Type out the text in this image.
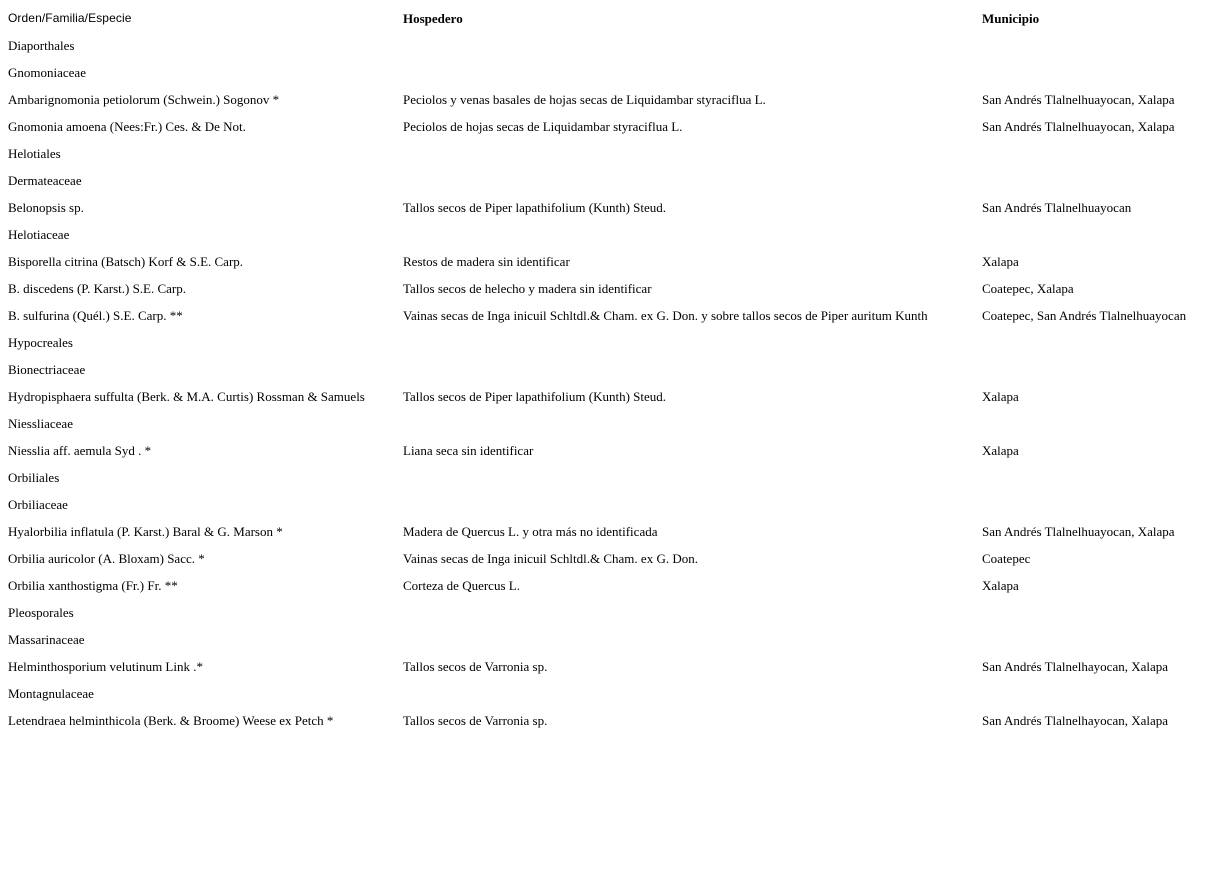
Orden/Familia/Especie	Hospedero	Municipio
Diaporthales		
Gnomoniaceae		
Ambarignomonia petiolorum (Schwein.) Sogonov *	Peciolos y venas basales de hojas secas de Liquidambar styraciflua L.	San Andrés Tlalnelhuayocan, Xalapa
Gnomonia amoena (Nees:Fr.) Ces. & De Not.	Peciolos de hojas secas de Liquidambar styraciflua L.	San Andrés Tlalnelhuayocan, Xalapa
Helotiales		
Dermateaceae		
Belonopsis sp.	Tallos secos de Piper lapathifolium (Kunth) Steud.	San Andrés Tlalnelhuayocan
Helotiaceae		
Bisporella citrina (Batsch) Korf & S.E. Carp.	Restos de madera sin identificar	Xalapa
B. discedens (P. Karst.) S.E. Carp.	Tallos secos de helecho y madera sin identificar	Coatepec, Xalapa
B. sulfurina (Quél.) S.E. Carp. **	Vainas secas de Inga inicuil Schltdl.& Cham. ex G. Don. y sobre tallos secos de Piper auritum Kunth	Coatepec, San Andrés Tlalnelhuayocan
Hypocreales		
Bionectriaceae		
Hydropisphaera suffulta (Berk. & M.A. Curtis) Rossman & Samuels	Tallos secos de Piper lapathifolium (Kunth) Steud.	Xalapa
Niessliaceae		
Niesslia aff. aemula Syd . *	Liana seca sin identificar	Xalapa
Orbiliales		
Orbiliaceae		
Hyalorbilia inflatula (P. Karst.) Baral & G. Marson *	Madera de Quercus L. y otra más no identificada	San Andrés Tlalnelhuayocan, Xalapa
Orbilia auricolor (A. Bloxam) Sacc. *	Vainas secas de Inga inicuil Schltdl.& Cham. ex G. Don.	Coatepec
Orbilia xanthostigma (Fr.) Fr. **	Corteza de Quercus L.	Xalapa
Pleosporales		
Massarinaceae		
Helminthosporium velutinum Link .*	Tallos secos de Varronia sp.	San Andrés Tlalnelhayocan, Xalapa
Montagnulaceae		
Letendraea helminthicola (Berk. & Broome) Weese ex Petch *	Tallos secos de Varronia sp.	San Andrés Tlalnelhayocan, Xalapa
